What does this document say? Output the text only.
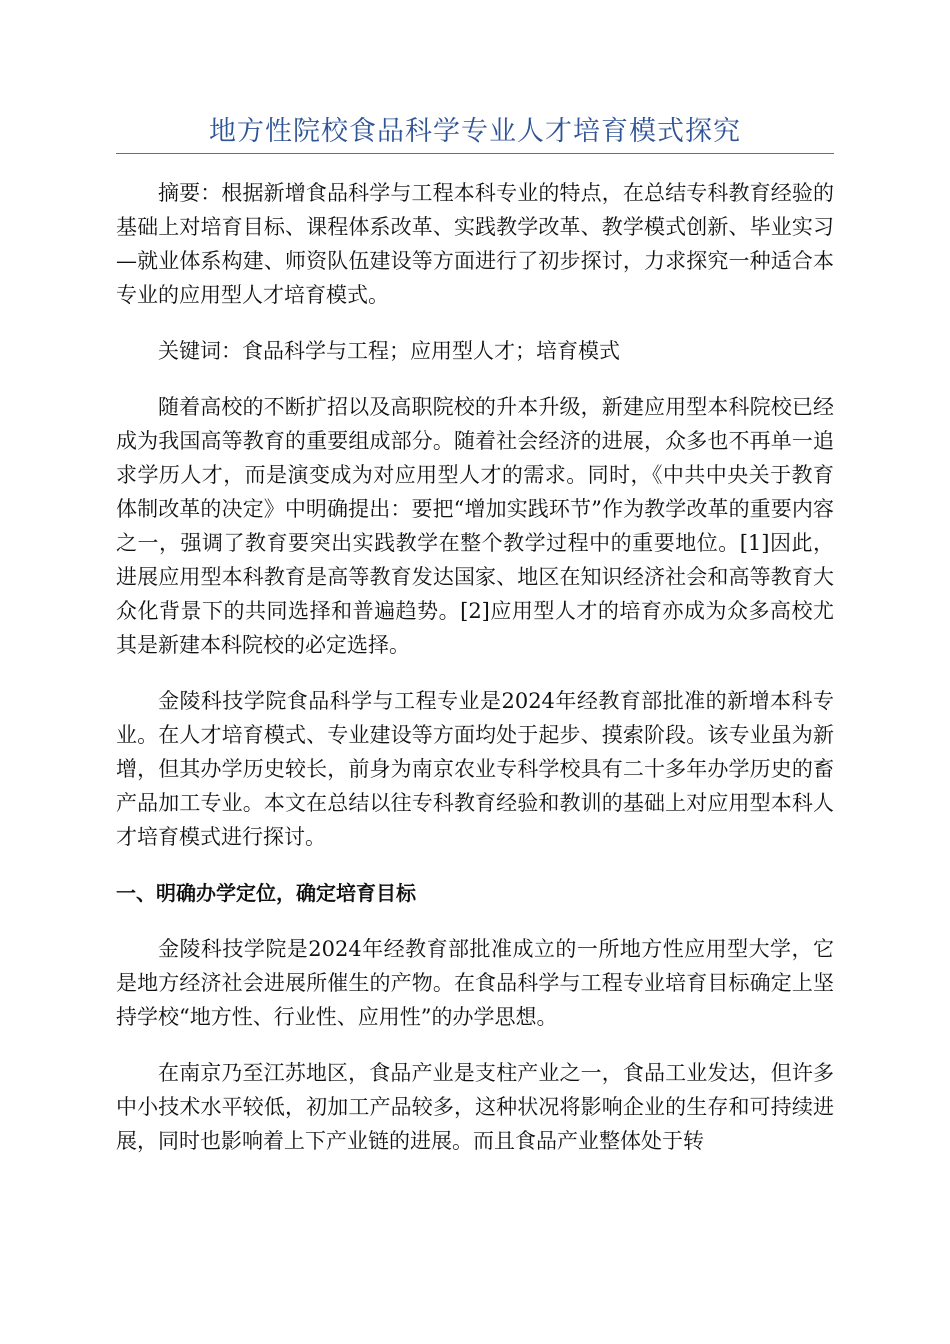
地方性院校食品科学专业人才培育模式探究

摘要：根据新增食品科学与工程本科专业的特点，在总结专科教育经验的基础上对培育目标、课程体系改革、实践教学改革、教学模式创新、毕业实习—就业体系构建、师资队伍建设等方面进行了初步探讨，力求探究一种适合本专业的应用型人才培育模式。

关键词：食品科学与工程；应用型人才；培育模式

随着高校的不断扩招以及高职院校的升本升级，新建应用型本科院校已经成为我国高等教育的重要组成部分。随着社会经济的进展，众多也不再单一追求学历人才，而是演变成为对应用型人才的需求。同时，《中共中央关于教育体制改革的决定》中明确提出：要把“增加实践环节”作为教学改革的重要内容之一，强调了教育要突出实践教学在整个教学过程中的重要地位。[1]因此，进展应用型本科教育是高等教育发达国家、地区在知识经济社会和高等教育大众化背景下的共同选择和普遍趋势。[2]应用型人才的培育亦成为众多高校尤其是新建本科院校的必定选择。

金陵科技学院食品科学与工程专业是2024年经教育部批准的新增本科专业。在人才培育模式、专业建设等方面均处于起步、摸索阶段。该专业虽为新增，但其办学历史较长，前身为南京农业专科学校具有二十多年办学历史的畜产品加工专业。本文在总结以往专科教育经验和教训的基础上对应用型本科人才培育模式进行探讨。

一、明确办学定位，确定培育目标

金陵科技学院是2024年经教育部批准成立的一所地方性应用型大学，它是地方经济社会进展所催生的产物。在食品科学与工程专业培育目标确定上坚持学校“地方性、行业性、应用性”的办学思想。

在南京乃至江苏地区，食品产业是支柱产业之一，食品工业发达，但许多中小技术水平较低，初加工产品较多，这种状况将影响企业的生存和可持续进展，同时也影响着上下产业链的进展。而且食品产业整体处于转
